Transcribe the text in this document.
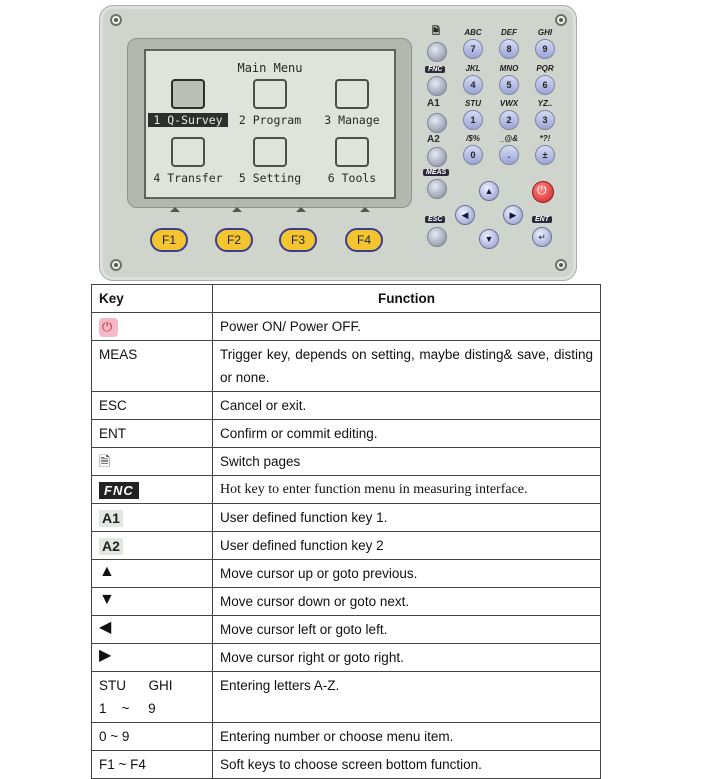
Main Menu
1 Q-Survey	2 Program	3 Manage
4 Transfer	5 Setting	6 Tools
F1	F2	F3	F4
🗎
FNC
A1
A2
MEAS
ESC
ABC	DEF	GHI
7	8	9
JKL	MNO	PQR
4	5	6
STU	VWX	YZ..
1	2	3
/$%	_@&	*?!
0	.	±
⏻
▲
◀	▶
▼
ENT
↵
Key	Function
⏻	Power ON/ Power OFF.
MEAS	Trigger key, depends on setting, maybe disting& save, disting or none.
ESC	Cancel or exit.
ENT	Confirm or commit editing.
🗎	Switch pages
FNC	Hot key to enter function menu in measuring interface.
A1	User defined function key 1.
A2	User defined function key 2
▲	Move cursor up or goto previous.
▼	Move cursor down or goto next.
◀	Move cursor left or goto left.
▶	Move cursor right or goto right.

STU      GHI
1    ~     9	Entering letters A-Z.
0 ~ 9	Entering number or choose menu item.
F1 ~ F4	Soft keys to choose screen bottom function.
